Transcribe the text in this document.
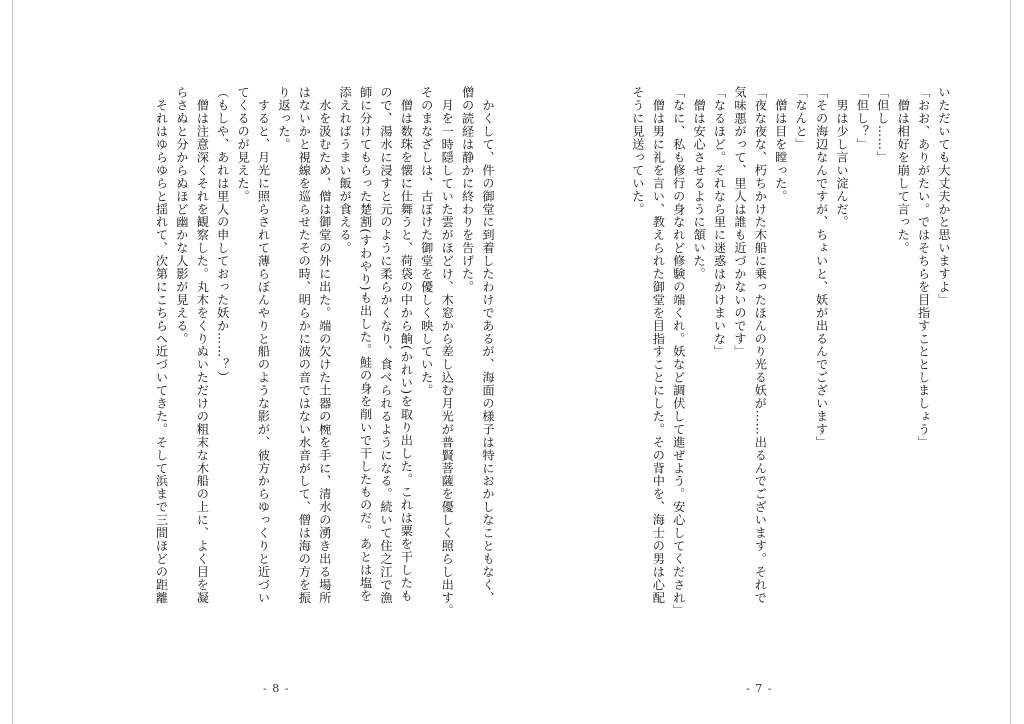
　かくして、件の御堂に到着したわけであるが、海面の様子は特におかしなこともなく、

僧の読経は静かに終わりを告げた。

　月を一時隠していた雲がほどけ、木窓から差し込む月光が普賢菩薩を優しく照らし出す。

そのまなざしは、古ぼけた御堂を優しく映していた。

　僧は数珠を懐に仕舞うと、荷袋の中から餉(かれい)を取り出した。これは粟を干したも

ので、湯水に浸すと元のように柔らかくなり、食べられるようになる。続いて住之江で漁

師に分けてもらった楚割(すわやり)も出した。鮭の身を削いで干したものだ。あとは塩を

添えればうまい飯が食える。

　水を汲むため、僧は御堂の外に出た。端の欠けた土器の椀を手に、清水の湧き出る場所

はないかと視線を巡らせたその時、明らかに波の音ではない水音がして、僧は海の方を振

り返った。

　すると、月光に照らされて薄らぼんやりと船のような影が、彼方からゆっくりと近づい

てくるのが見えた。

（もしや、あれは里人の申しておった妖か……？）

　僧は注意深くそれを観察した。丸木をくりぬいただけの粗末な木船の上に、よく目を凝

らさぬと分からぬほど幽かな人影が見える。

　それはゆらゆらと揺れて、次第にこちらへ近づいてきた。そして浜まで三間ほどの距離

- 8 -

いただいても大丈夫かと思いますよ」

「おお、ありがたい。ではそちらを目指すこととしましょう」

　僧は相好を崩して言った。

「但し……」

「但し？」

　男は少し言い淀んだ。

「その海辺なんですが、ちょいと、妖が出るんでございます」

「なんと」

　僧は目を瞠った。

「夜な夜な、朽ちかけた木船に乗ったほんのり光る妖が……出るんでございます。それで

気味悪がって、里人は誰も近づかないのです」

「なるほど。それなら里に迷惑はかけまいな」

　僧は安心させるように頷いた。

「なに、私も修行の身なれど修験の端くれ。妖など調伏して進ぜよう。安心してくだされ」

　僧は男に礼を言い、教えられた御堂を目指すことにした。その背中を、海士の男は心配

そうに見送っていた。

- 7 -
